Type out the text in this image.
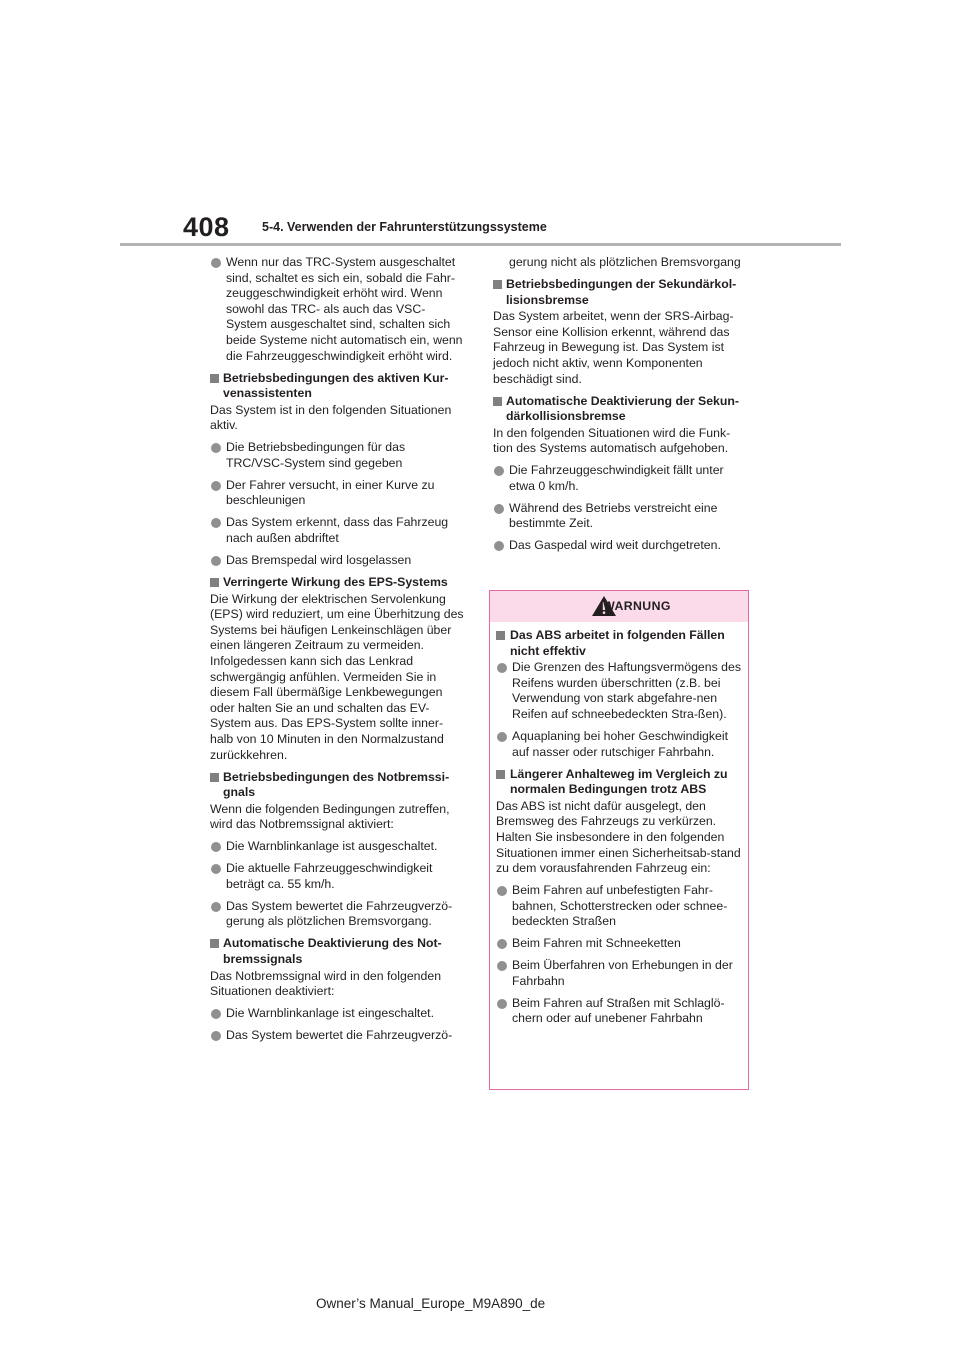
408	5-4. Verwenden der Fahrunterstützungssysteme
Wenn nur das TRC-System ausgeschaltet sind, schaltet es sich ein, sobald die Fahr-zeuggeschwindigkeit erhöht wird. Wenn sowohl das TRC- als auch das VSC-System ausgeschaltet sind, schalten sich beide Systeme nicht automatisch ein, wenn die Fahrzeuggeschwindigkeit erhöht wird.
Betriebsbedingungen des aktiven Kur-venassistenten
Das System ist in den folgenden Situationen aktiv.
Die Betriebsbedingungen für das TRC/VSC-System sind gegeben
Der Fahrer versucht, in einer Kurve zu beschleunigen
Das System erkennt, dass das Fahrzeug nach außen abdriftet
Das Bremspedal wird losgelassen
Verringerte Wirkung des EPS-Systems
Die Wirkung der elektrischen Servolenkung (EPS) wird reduziert, um eine Überhitzung des Systems bei häufigen Lenkeinschlägen über einen längeren Zeitraum zu vermeiden. Infolgedessen kann sich das Lenkrad schwergängig anfühlen. Vermeiden Sie in diesem Fall übermäßige Lenkbewegungen oder halten Sie an und schalten das EV-System aus. Das EPS-System sollte inner-halb von 10 Minuten in den Normalzustand zurückkehren.
Betriebsbedingungen des Notbremssi-gnals
Wenn die folgenden Bedingungen zutreffen, wird das Notbremssignal aktiviert:
Die Warnblinkanlage ist ausgeschaltet.
Die aktuelle Fahrzeuggeschwindigkeit beträgt ca. 55 km/h.
Das System bewertet die Fahrzeugverzö-gerung als plötzlichen Bremsvorgang.
Automatische Deaktivierung des Not-bremssignals
Das Notbremssignal wird in den folgenden Situationen deaktiviert:
Die Warnblinkanlage ist eingeschaltet.
Das System bewertet die Fahrzeugverzö-
gerung nicht als plötzlichen Bremsvorgang
Betriebsbedingungen der Sekundärkol-lisionsbremse
Das System arbeitet, wenn der SRS-Airbag-Sensor eine Kollision erkennt, während das Fahrzeug in Bewegung ist. Das System ist jedoch nicht aktiv, wenn Komponenten beschädigt sind.
Automatische Deaktivierung der Sekun-därkollisionsbremse
In den folgenden Situationen wird die Funk-tion des Systems automatisch aufgehoben.
Die Fahrzeuggeschwindigkeit fällt unter etwa 0 km/h.
Während des Betriebs verstreicht eine bestimmte Zeit.
Das Gaspedal wird weit durchgetreten.
WARNUNG
Das ABS arbeitet in folgenden Fällen nicht effektiv
Die Grenzen des Haftungsvermögens des Reifens wurden überschritten (z.B. bei Verwendung von stark abgefahre-nen Reifen auf schneebedeckten Stra-ßen).
Aquaplaning bei hoher Geschwindigkeit auf nasser oder rutschiger Fahrbahn.
Längerer Anhalteweg im Vergleich zu normalen Bedingungen trotz ABS
Das ABS ist nicht dafür ausgelegt, den Bremsweg des Fahrzeugs zu verkürzen. Halten Sie insbesondere in den folgenden Situationen immer einen Sicherheitsab-stand zu dem vorausfahrenden Fahrzeug ein:
Beim Fahren auf unbefestigten Fahr-bahnen, Schotterstrecken oder schnee-bedeckten Straßen
Beim Fahren mit Schneeketten
Beim Überfahren von Erhebungen in der Fahrbahn
Beim Fahren auf Straßen mit Schlaglö-chern oder auf unebener Fahrbahn
Owner’s Manual_Europe_M9A890_de
